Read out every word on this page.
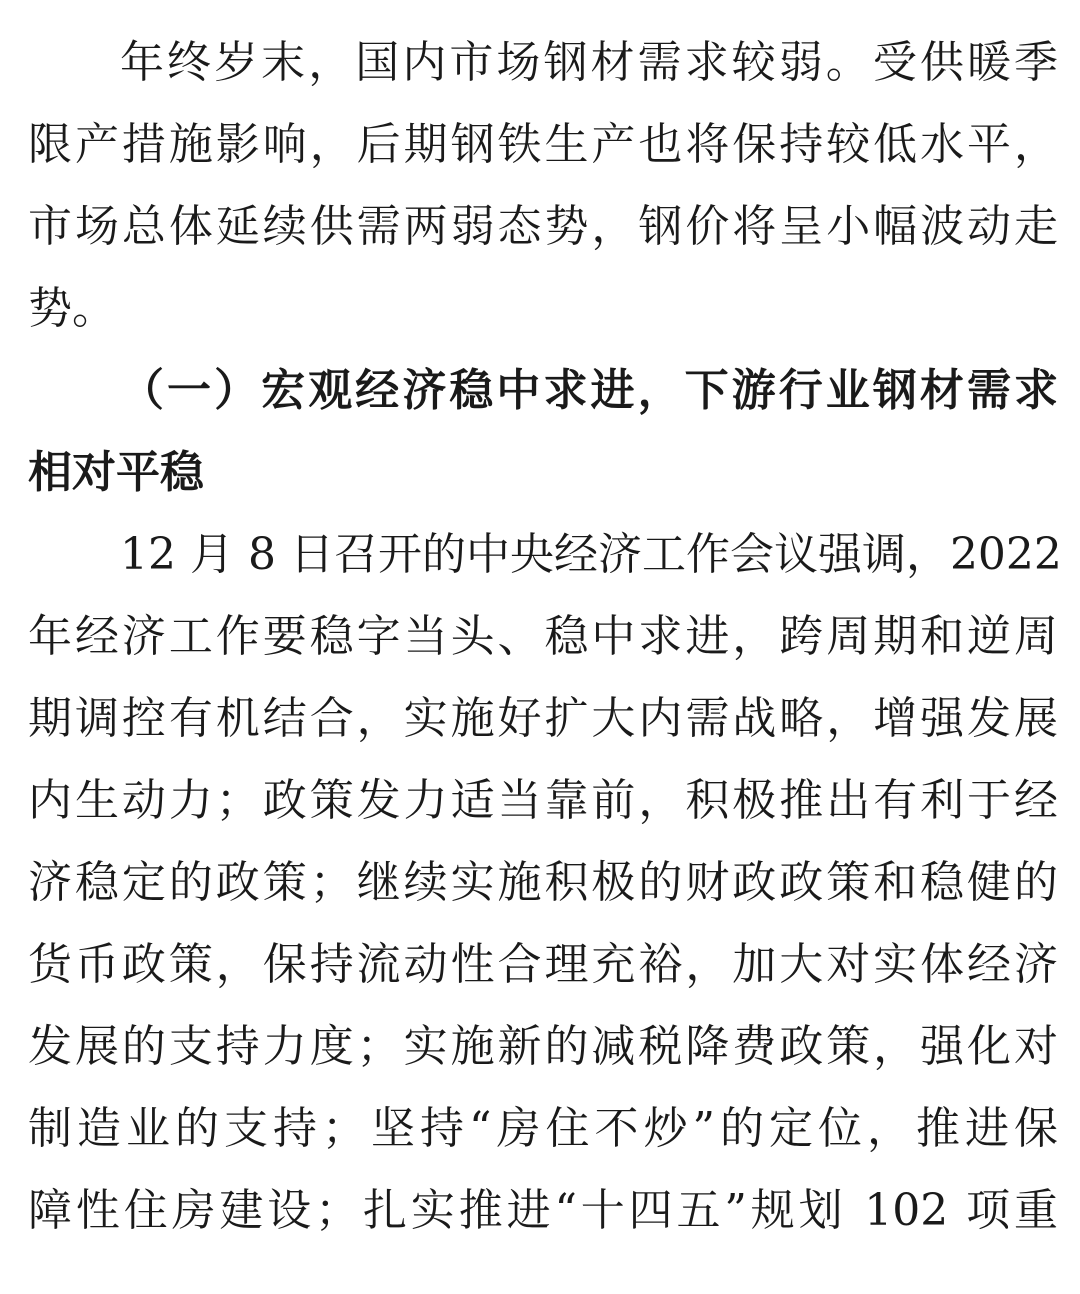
年终岁末，国内市场钢材需求较弱。受供暖季
限产措施影响，后期钢铁生产也将保持较低水平，
市场总体延续供需两弱态势，钢价将呈小幅波动走
势。
（一）宏观经济稳中求进，下游行业钢材需求
相对平稳
12 月 8 日召开的中央经济工作会议强调，2022
年经济工作要稳字当头、稳中求进，跨周期和逆周
期调控有机结合，实施好扩大内需战略，增强发展
内生动力；政策发力适当靠前，积极推出有利于经
济稳定的政策；继续实施积极的财政政策和稳健的
货币政策，保持流动性合理充裕，加大对实体经济
发展的支持力度；实施新的减税降费政策，强化对
制造业的支持；坚持“房住不炒”的定位，推进保
障性住房建设；扎实推进“十四五”规划 102 项重
